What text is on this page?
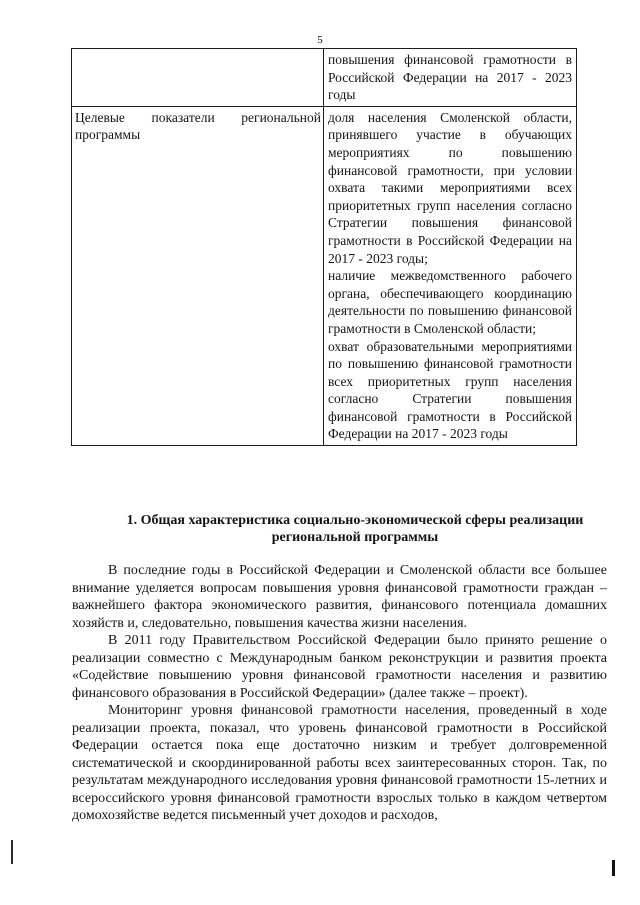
5

повышения финансовой грамотности в Российской Федерации на 2017 - 2023 годы

Целевые показатели региональной программы

доля населения Смоленской области, принявшего участие в обучающих мероприятиях по повышению финансовой грамотности, при условии охвата такими мероприятиями всех приоритетных групп населения согласно Стратегии повышения финансовой грамотности в Российской Федерации на 2017 - 2023 годы;

наличие межведомственного рабочего органа, обеспечивающего координацию деятельности по повышению финансовой грамотности в Смоленской области;

охват образовательными мероприятиями по повышению финансовой грамотности всех приоритетных групп населения согласно Стратегии повышения финансовой грамотности в Российской Федерации на 2017 - 2023 годы

1. Общая характеристика социально-экономической сферы реализации региональной программы

В последние годы в Российской Федерации и Смоленской области все большее внимание уделяется вопросам повышения уровня финансовой грамотности граждан – важнейшего фактора экономического развития, финансового потенциала домашних хозяйств и, следовательно, повышения качества жизни населения.

В 2011 году Правительством Российской Федерации было принято решение о реализации совместно с Международным банком реконструкции и развития проекта «Содействие повышению уровня финансовой грамотности населения и развитию финансового образования в Российской Федерации» (далее также – проект).

Мониторинг уровня финансовой грамотности населения, проведенный в ходе реализации проекта, показал, что уровень финансовой грамотности в Российской Федерации остается пока еще достаточно низким и требует долговременной систематической и скоординированной работы всех заинтересованных сторон. Так, по результатам международного исследования уровня финансовой грамотности 15-летних и всероссийского уровня финансовой грамотности взрослых только в каждом четвертом домохозяйстве ведется письменный учет доходов и расходов,
